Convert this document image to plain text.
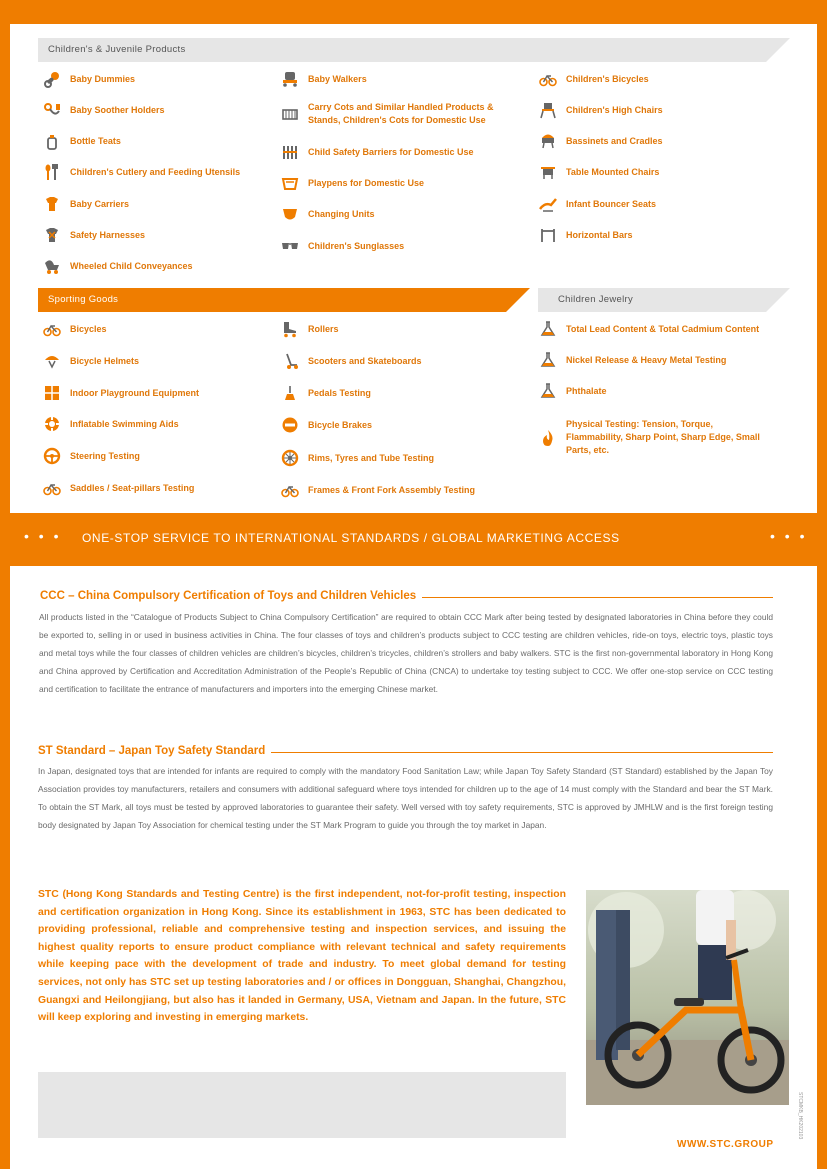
Children's & Juvenile Products
Sporting Goods	Children Jewelry
Baby Dummies
Baby Soother Holders
Bottle Teats
Children's Cutlery and Feeding Utensils
Baby Carriers
Safety Harnesses
Wheeled Child Conveyances
Baby Walkers
Carry Cots and Similar Handled Products & Stands, Children's Cots for Domestic Use
Child Safety Barriers for Domestic Use
Playpens for Domestic Use
Changing Units
Children's Sunglasses
Children's Bicycles
Children's High Chairs
Bassinets and Cradles
Table Mounted Chairs
Infant Bouncer Seats
Horizontal Bars
Bicycles
Bicycle Helmets
Indoor Playground Equipment
Inflatable Swimming Aids
Steering Testing
Saddles / Seat-pillars Testing
Rollers
Scooters and Skateboards
Pedals Testing
Bicycle Brakes
Rims, Tyres and Tube Testing
Frames & Front Fork Assembly Testing
Total Lead Content & Total Cadmium Content
Nickel Release & Heavy Metal Testing
Phthalate
Physical Testing: Tension, Torque, Flammability, Sharp Point, Sharp Edge, Small Parts, etc.
• • • ONE-STOP SERVICE TO INTERNATIONAL STANDARDS / GLOBAL MARKETING ACCESS	• • •
CCC – China Compulsory Certification of Toys and Children Vehicles
All products listed in the “Catalogue of Products Subject to China Compulsory Certification” are required to obtain CCC Mark after being tested by designated laboratories in China before they could be exported to, selling in or used in business activities in China. The four classes of toys and children’s products subject to CCC testing are children vehicles, ride-on toys, electric toys, plastic toys and metal toys while the four classes of children vehicles are children’s bicycles, children’s tricycles, children’s strollers and baby walkers. STC is the first non-governmental laboratory in Hong Kong and China approved by Certification and Accreditation Administration of the People’s Republic of China (CNCA) to undertake toy testing subject to CCC. We offer one-stop service on CCC testing and certification to facilitate the entrance of manufacturers and importers into the emerging Chinese market.
ST Standard – Japan Toy Safety Standard
In Japan, designated toys that are intended for infants are required to comply with the mandatory Food Sanitation Law; while Japan Toy Safety Standard (ST Standard) established by the Japan Toy Association provides toy manufacturers, retailers and consumers with additional safeguard where toys intended for children up to the age of 14 must comply with the Standard and bear the ST Mark. To obtain the ST Mark, all toys must be tested by approved laboratories to guarantee their safety. Well versed with toy safety requirements, STC is approved by JMHLW and is the first foreign testing body designated by Japan Toy Association for chemical testing under the ST Mark Program to guide you through the toy market in Japan.
STC (Hong Kong Standards and Testing Centre) is the first independent, not-for-profit testing, inspection and certification organization in Hong Kong. Since its establishment in 1963, STC has been dedicated to providing professional, reliable and comprehensive testing and inspection services, and issuing the highest quality reports to ensure product compliance with relevant technical and safety requirements while keeping pace with the development of trade and industry. To meet global demand for testing services, not only has STC set up testing laboratories and / or offices in Dongguan, Shanghai, Changzhou, Guangxi and Heilongjiang, but also has it landed in Germany, USA, Vietnam and Japan. In the future, STC will keep exploring and investing in emerging markets.
WWW.STC.GROUP
STCMKB_HK202103
